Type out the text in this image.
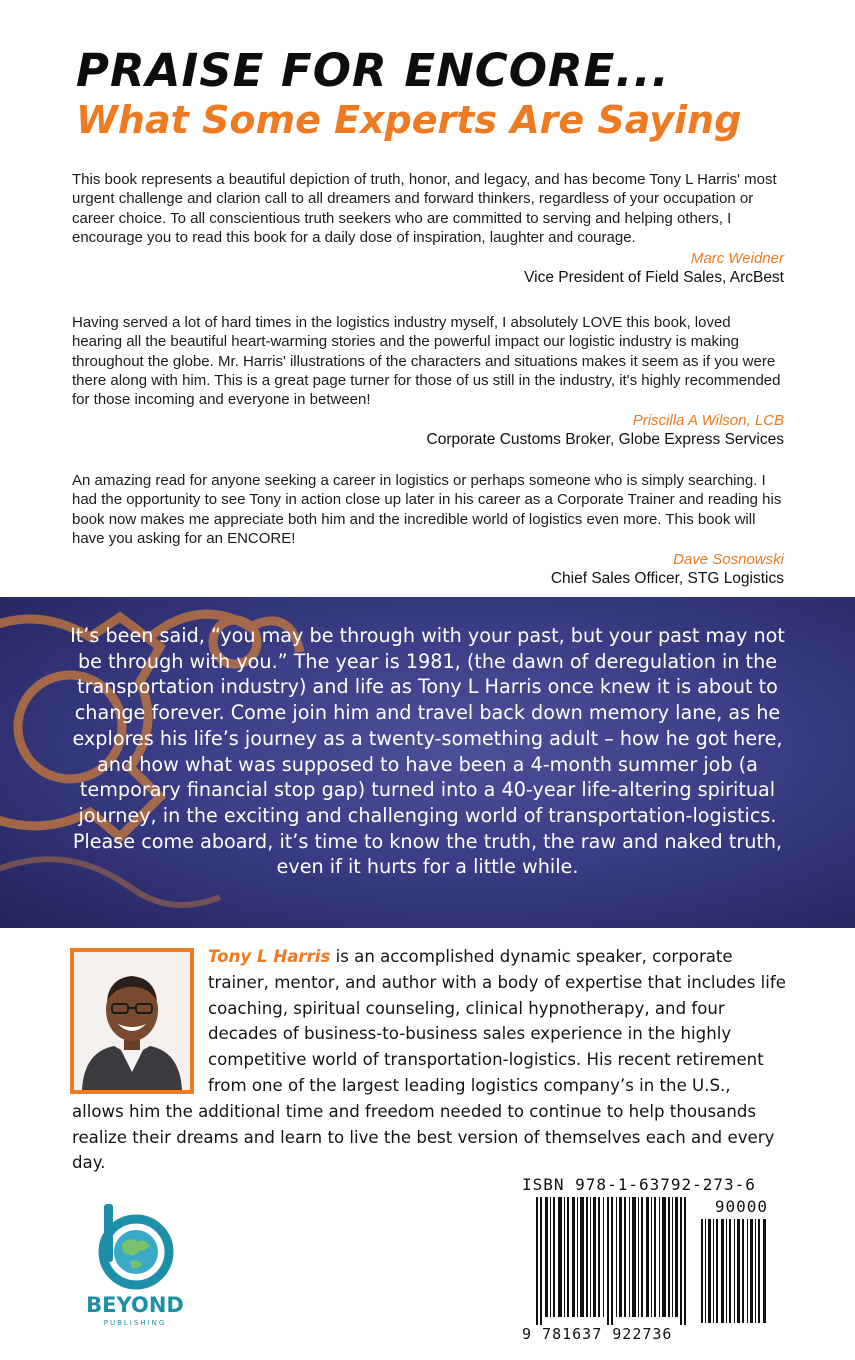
PRAISE FOR ENCORE...
What Some Experts Are Saying

This book represents a beautiful depiction of truth, honor, and legacy, and has become Tony L Harris' most urgent challenge and clarion call to all dreamers and forward thinkers, regardless of your occupation or career choice. To all conscientious truth seekers who are committed to serving and helping others, I encourage you to read this book for a daily dose of inspiration, laughter and courage.

Marc Weidner
Vice President of Field Sales, ArcBest

Having served a lot of hard times in the logistics industry myself, I absolutely LOVE this book, loved hearing all the beautiful heart-warming stories and the powerful impact our logistic industry is making throughout the globe. Mr. Harris' illustrations of the characters and situations makes it seem as if you were there along with him. This is a great page turner for those of us still in the industry, it's highly recommended for those incoming and everyone in between!

Priscilla A Wilson, LCB
Corporate Customs Broker, Globe Express Services

An amazing read for anyone seeking a career in logistics or perhaps someone who is simply searching. I had the opportunity to see Tony in action close up later in his career as a Corporate Trainer and reading his book now makes me appreciate both him and the incredible world of logistics even more. This book will have you asking for an ENCORE!

Dave Sosnowski
Chief Sales Officer, STG Logistics

It’s been said, “you may be through with your past, but your past may not be through with you.” The year is 1981, (the dawn of deregulation in the transportation industry) and life as Tony L Harris once knew it is about to change forever. Come join him and travel back down memory lane, as he explores his life’s journey as a twenty-something adult – how he got here, and how what was supposed to have been a 4-month summer job (a temporary financial stop gap) turned into a 40-year life-altering spiritual journey, in the exciting and challenging world of transportation-logistics. Please come aboard, it’s time to know the truth, the raw and naked truth, even if it hurts for a little while.

Tony L Harris is an accomplished dynamic speaker, corporate trainer, mentor, and author with a body of expertise that includes life coaching, spiritual counseling, clinical hypnotherapy, and four decades of business-to-business sales experience in the highly competitive world of transportation-logistics. His recent retirement from one of the largest leading logistics company’s in the U.S., allows him the additional time and freedom needed to continue to help thousands realize their dreams and learn to live the best version of themselves each and every day.

BEYOND
PUBLISHING
ISBN 978-1-63792-273-6
90000
9 781637 922736
